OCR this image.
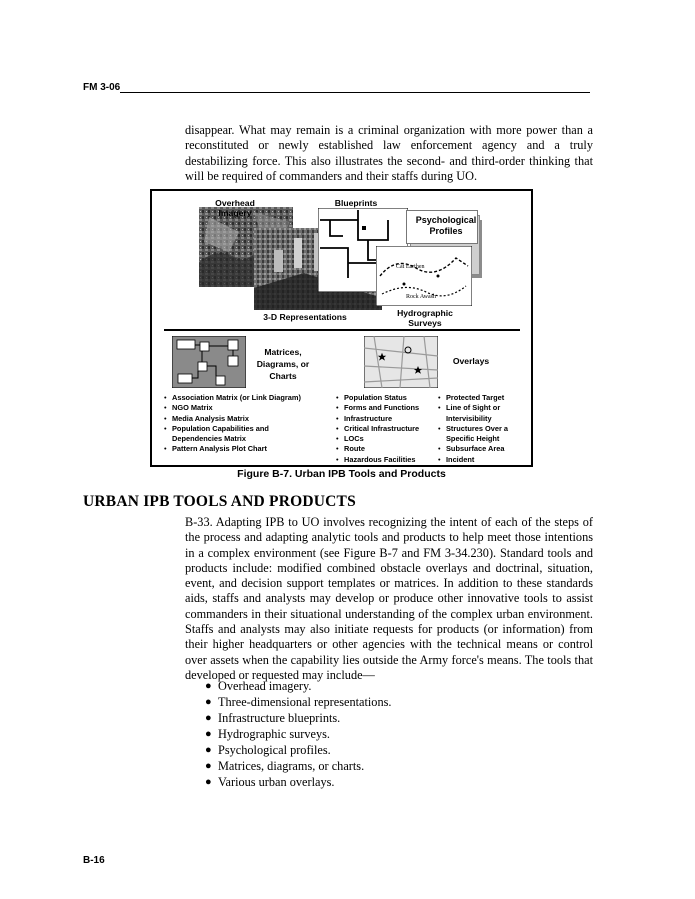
FM 3-06
disappear. What may remain is a criminal organization with more power than a reconstituted or newly established law enforcement agency and a truly destabilizing force. This also illustrates the second- and third-order thinking that will be required of commanders and their staffs during UO.
Psychological
Profiles
Rock Awash
Cat Earthen
Overhead Imagery
Blueprints
3-D Representations	Hydrographic
Surveys
Matrices,
Diagrams, or
Charts
Overlays
• Association Matrix (or Link Diagram)
• NGO Matrix
• Media Analysis Matrix
• Population Capabilities and
Dependencies Matrix
• Pattern Analysis Plot Chart
• Population Status
• Forms and Functions
• Infrastructure
• Critical Infrastructure
• LOCs
• Route
• Hazardous Facilities
• Protected Target
• Line of Sight or
Intervisibility
• Structures Over a
Specific Height
• Subsurface Area
• Incident
Figure B-7. Urban IPB Tools and Products
URBAN IPB TOOLS AND PRODUCTS
B-33. Adapting IPB to UO involves recognizing the intent of each of the steps of the process and adapting analytic tools and products to help meet those intentions in a complex environment (see Figure B-7 and FM 3-34.230). Standard tools and products include: modified combined obstacle overlays and doctrinal, situation, event, and decision support templates or matrices. In addition to these standards aids, staffs and analysts may develop or produce other innovative tools to assist commanders in their situational understanding of the complex urban environment. Staffs and analysts may also initiate requests for products (or information) from their higher headquarters or other agencies with the technical means or control over assets when the capability lies outside the Army force's means. The tools that developed or requested may include—
● Overhead imagery.
● Three-dimensional representations.
● Infrastructure blueprints.
● Hydrographic surveys.
● Psychological profiles.
● Matrices, diagrams, or charts.
● Various urban overlays.
B-16
